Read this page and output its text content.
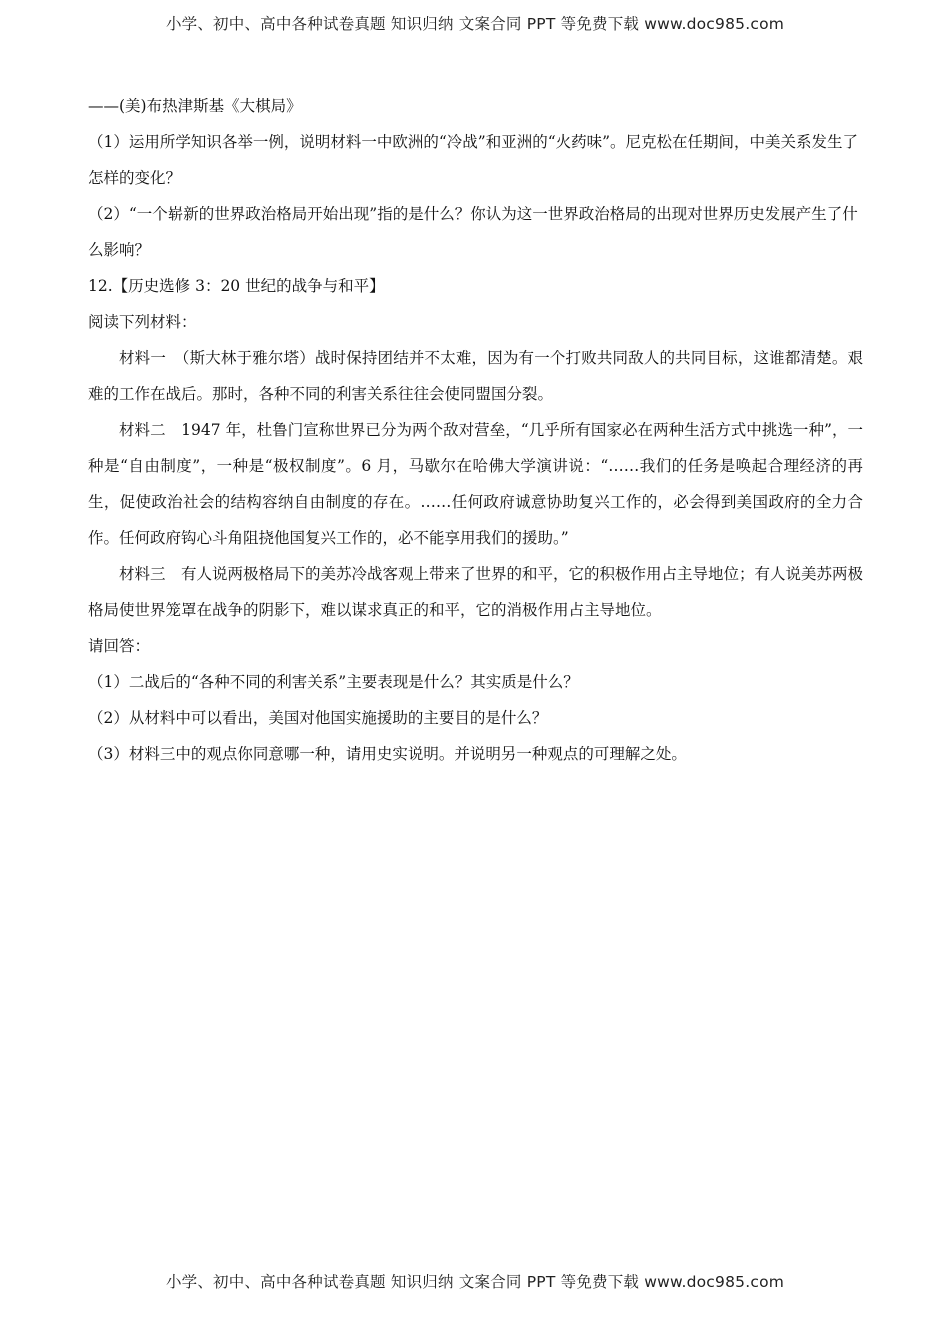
小学、初中、高中各种试卷真题 知识归纳 文案合同 PPT 等免费下载 www.doc985.com
——(美)布热津斯基《大棋局》
（1）运用所学知识各举一例，说明材料一中欧洲的“冷战”和亚洲的“火药味”。尼克松在任期间，中美关系发生了怎样的变化？
（2）“一个崭新的世界政治格局开始出现”指的是什么？你认为这一世界政治格局的出现对世界历史发展产生了什么影响？
12.【历史选修 3：20 世纪的战争与和平】
阅读下列材料：
材料一　（斯大林于雅尔塔）战时保持团结并不太难，因为有一个打败共同敌人的共同目标，这谁都清楚。艰难的工作在战后。那时，各种不同的利害关系往往会使同盟国分裂。
材料二　1947 年，杜鲁门宣称世界已分为两个敌对营垒，“几乎所有国家必在两种生活方式中挑选一种”，一种是“自由制度”，一种是“极权制度”。6 月，马歇尔在哈佛大学演讲说：“……我们的任务是唤起合理经济的再生，促使政治社会的结构容纳自由制度的存在。……任何政府诚意协助复兴工作的，必会得到美国政府的全力合作。任何政府钩心斗角阻挠他国复兴工作的，必不能享用我们的援助。”
材料三　有人说两极格局下的美苏冷战客观上带来了世界的和平，它的积极作用占主导地位；有人说美苏两极格局使世界笼罩在战争的阴影下，难以谋求真正的和平，它的消极作用占主导地位。
请回答：
（1）二战后的“各种不同的利害关系”主要表现是什么？其实质是什么？
（2）从材料中可以看出，美国对他国实施援助的主要目的是什么？
（3）材料三中的观点你同意哪一种，请用史实说明。并说明另一种观点的可理解之处。
小学、初中、高中各种试卷真题 知识归纳 文案合同 PPT 等免费下载 www.doc985.com
